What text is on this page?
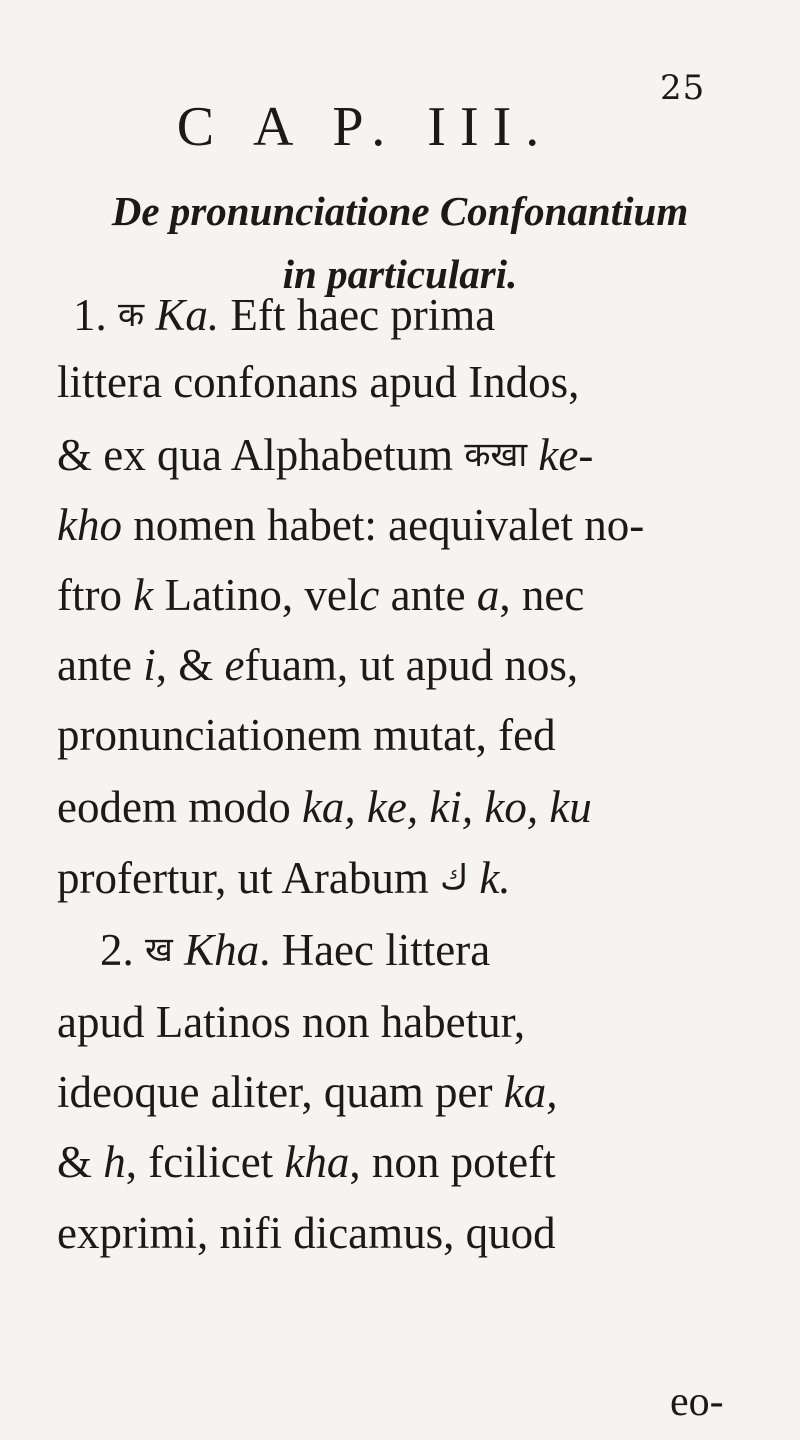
25
C A P. III.
De pronunciatione Confonantium
in particulari.
1. क Ka. Eft haec prima
littera confonans apud Indos,
& ex qua Alphabetum कखा ke-
kho nomen habet: aequivalet no-
ftro k Latino, velc ante a, nec
ante i, & efuam, ut apud nos,
pronunciationem mutat, fed
eodem modo ka, ke, ki, ko, ku
profertur, ut Arabum ك k.
2. ख Kha. Haec littera
apud Latinos non habetur,
ideoque aliter, quam per ka,
& h, fcilicet kha, non poteft
exprimi, nifi dicamus, quod
eo-
